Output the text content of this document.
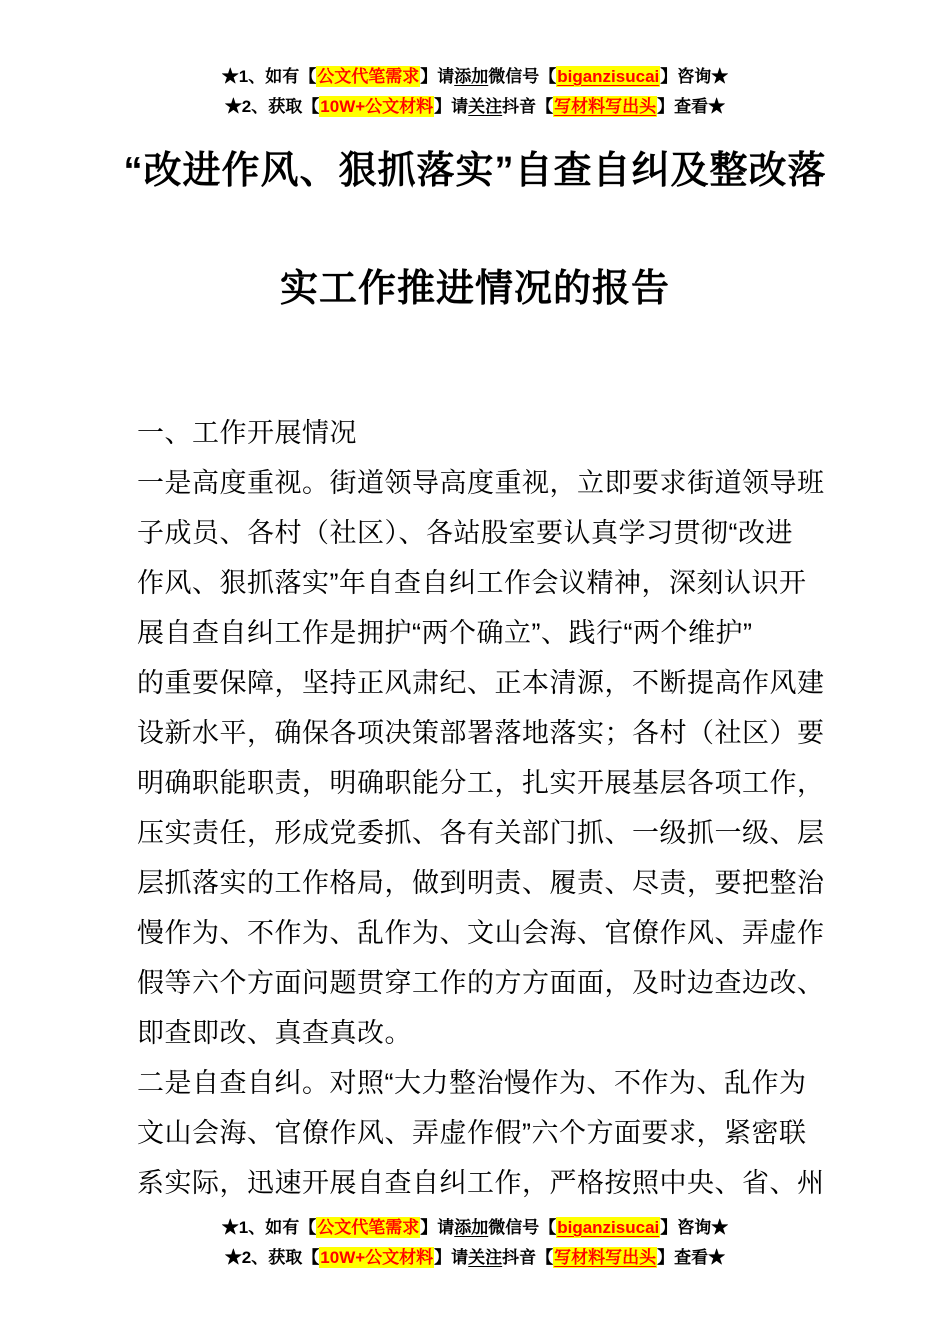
★1、如有【公文代笔需求】请添加微信号【biganzisucai】咨询★
★2、获取【10W+公文材料】请关注抖音【写材料写出头】查看★
“改进作风、狠抓落实”自查自纠及整改落
实工作推进情况的报告
一、工作开展情况
一是高度重视。街道领导高度重视，立即要求街道领导班
子成员、各村（社区）、各站股室要认真学习贯彻“改进
作风、狠抓落实”年自查自纠工作会议精神，深刻认识开
展自查自纠工作是拥护“两个确立”、践行“两个维护”
的重要保障，坚持正风肃纪、正本清源，不断提高作风建
设新水平，确保各项决策部署落地落实；各村（社区）要
明确职能职责，明确职能分工，扎实开展基层各项工作，
压实责任，形成党委抓、各有关部门抓、一级抓一级、层
层抓落实的工作格局，做到明责、履责、尽责，要把整治
慢作为、不作为、乱作为、文山会海、官僚作风、弄虚作
假等六个方面问题贯穿工作的方方面面，及时边查边改、
即查即改、真查真改。
二是自查自纠。对照“大力整治慢作为、不作为、乱作为
文山会海、官僚作风、弄虚作假”六个方面要求，紧密联
系实际，迅速开展自查自纠工作，严格按照中央、省、州
★1、如有【公文代笔需求】请添加微信号【biganzisucai】咨询★
★2、获取【10W+公文材料】请关注抖音【写材料写出头】查看★
